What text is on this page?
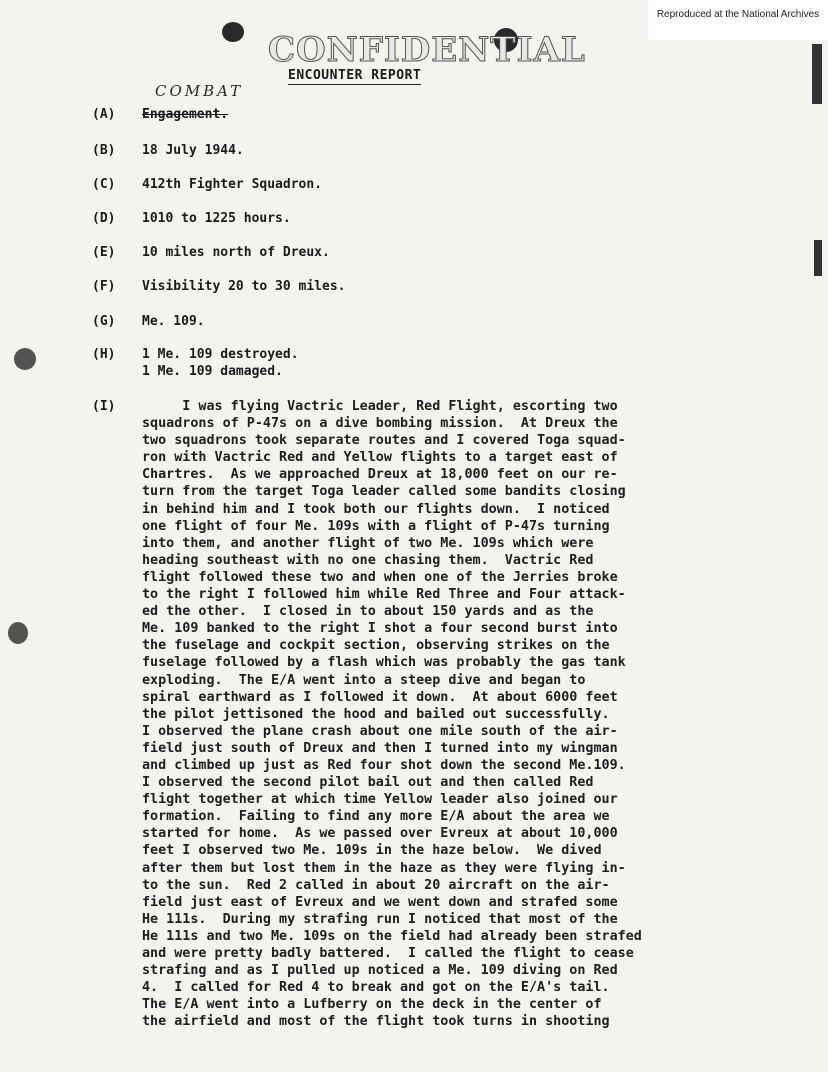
Reproduced at the National Archives
CONFIDENTIAL
ENCOUNTER REPORT
COMBAT
(A)	Engagement.
(B)	18 July 1944.
(C)	412th Fighter Squadron.
(D)	1010 to 1225 hours.
(E)	10 miles north of Dreux.
(F)	Visibility 20 to 30 miles.
(G)	Me. 109.
(H)	1 Me. 109 destroyed.
1 Me. 109 damaged.
(I)	I was flying Vactric Leader, Red Flight, escorting two
squadrons of P-47s on a dive bombing mission.  At Dreux the
two squadrons took separate routes and I covered Toga squad-
ron with Vactric Red and Yellow flights to a target east of
Chartres.  As we approached Dreux at 18,000 feet on our re-
turn from the target Toga leader called some bandits closing
in behind him and I took both our flights down.  I noticed
one flight of four Me. 109s with a flight of P-47s turning
into them, and another flight of two Me. 109s which were
heading southeast with no one chasing them.  Vactric Red
flight followed these two and when one of the Jerries broke
to the right I followed him while Red Three and Four attack-
ed the other.  I closed in to about 150 yards and as the
Me. 109 banked to the right I shot a four second burst into
the fuselage and cockpit section, observing strikes on the
fuselage followed by a flash which was probably the gas tank
exploding.  The E/A went into a steep dive and began to
spiral earthward as I followed it down.  At about 6000 feet
the pilot jettisoned the hood and bailed out successfully.
I observed the plane crash about one mile south of the air-
field just south of Dreux and then I turned into my wingman
and climbed up just as Red four shot down the second Me.109.
I observed the second pilot bail out and then called Red
flight together at which time Yellow leader also joined our
formation.  Failing to find any more E/A about the area we
started for home.  As we passed over Evreux at about 10,000
feet I observed two Me. 109s in the haze below.  We dived
after them but lost them in the haze as they were flying in-
to the sun.  Red 2 called in about 20 aircraft on the air-
field just east of Evreux and we went down and strafed some
He 111s.  During my strafing run I noticed that most of the
He 111s and two Me. 109s on the field had already been strafed
and were pretty badly battered.  I called the flight to cease
strafing and as I pulled up noticed a Me. 109 diving on Red
4.  I called for Red 4 to break and got on the E/A's tail.
The E/A went into a Lufberry on the deck in the center of
the airfield and most of the flight took turns in shooting
